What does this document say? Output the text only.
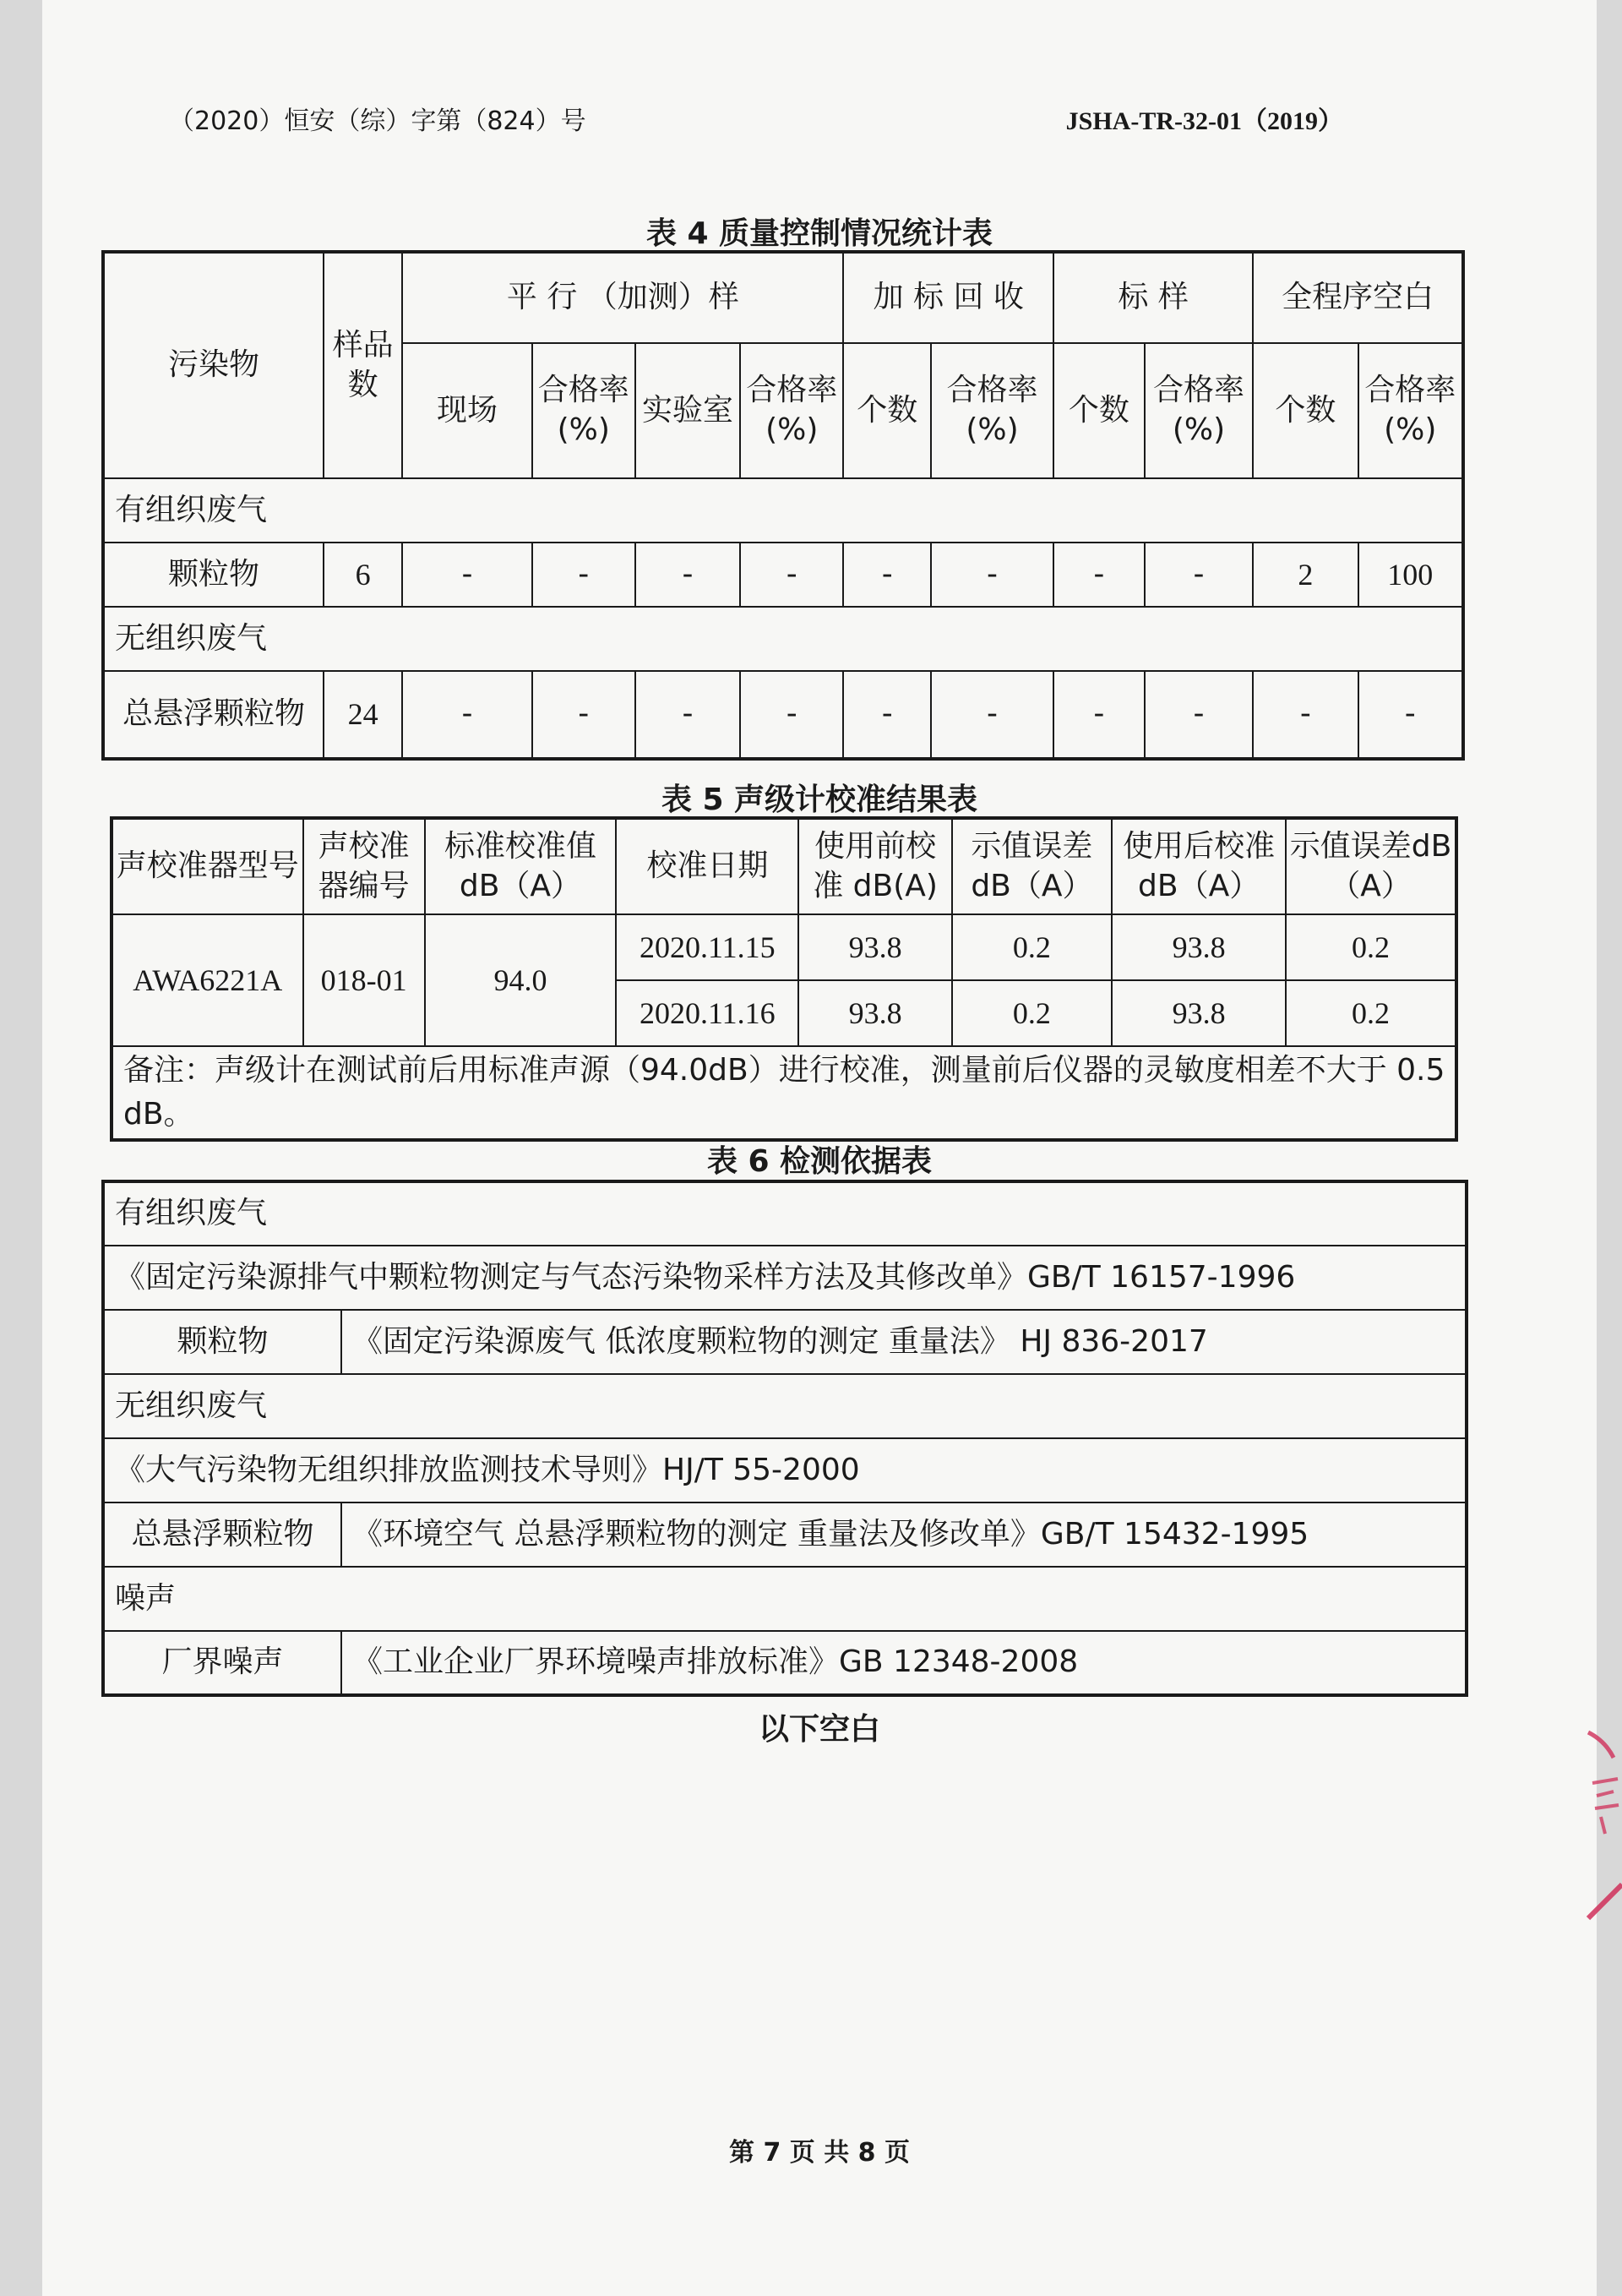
（2020）恒安（综）字第（824）号	JSHA-TR-32-01（2019）
表 4 质量控制情况统计表
污染物	样品数	平 行 （加测）样				加 标 回 收		标 样		全程序空白	
		现场	合格率(%)	实验室	合格率(%)	个数	合格率(%)	个数	合格率(%)	个数	合格率(%)
有组织废气											
颗粒物	6	-	-	-	-	-	-	-	-	2	100
无组织废气											
总悬浮颗粒物	24	-	-	-	-	-	-	-	-	-	-
表 5 声级计校准结果表
声校准器型号	声校准器编号	标准校准值dB（A）	校准日期	使用前校准 dB(A)	示值误差dB（A）	使用后校准 dB（A）	示值误差dB（A）
AWA6221A	018-01	94.0	2020.11.15	93.8	0.2	93.8	0.2
			2020.11.16	93.8	0.2	93.8	0.2
备注：声级计在测试前后用标准声源（94.0dB）进行校准，测量前后仪器的灵敏度相差不大于 0.5 dB。							
表 6 检测依据表
有组织废气	
《固定污染源排气中颗粒物测定与气态污染物采样方法及其修改单》GB/T 16157-1996	
颗粒物	《固定污染源废气 低浓度颗粒物的测定 重量法》 HJ 836-2017
无组织废气	
《大气污染物无组织排放监测技术导则》HJ/T 55-2000	
总悬浮颗粒物	《环境空气 总悬浮颗粒物的测定 重量法及修改单》GB/T 15432-1995
噪声	
厂界噪声	《工业企业厂界环境噪声排放标准》GB 12348-2008
以下空白
第 7 页 共 8 页
